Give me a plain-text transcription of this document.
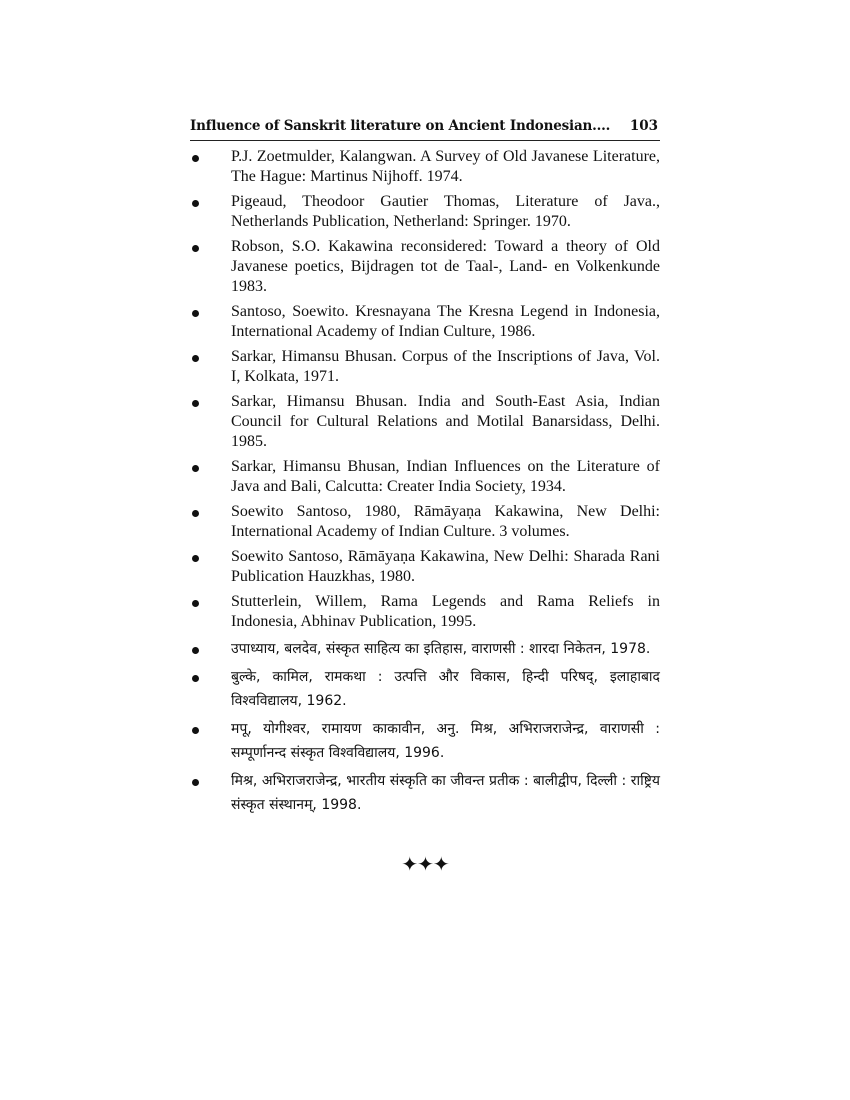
Influence of Sanskrit literature on Ancient Indonesian.... 103
P.J. Zoetmulder, Kalangwan. A Survey of Old Javanese Literature, The Hague: Martinus Nijhoff. 1974.
Pigeaud, Theodoor Gautier Thomas, Literature of Java., Netherlands Publication, Netherland: Springer. 1970.
Robson, S.O. Kakawina reconsidered: Toward a theory of Old Javanese poetics, Bijdragen tot de Taal-, Land- en Volkenkunde 1983.
Santoso, Soewito. Kresnayana The Kresna Legend in Indonesia, International Academy of Indian Culture, 1986.
Sarkar, Himansu Bhusan. Corpus of the Inscriptions of Java, Vol. I, Kolkata, 1971.
Sarkar, Himansu Bhusan. India and South-East Asia, Indian Council for Cultural Relations and Motilal Banarsidass, Delhi. 1985.
Sarkar, Himansu Bhusan, Indian Influences on the Literature of Java and Bali, Calcutta: Creater India Society, 1934.
Soewito Santoso, 1980, Rāmāyaṇa Kakawina, New Delhi: International Academy of Indian Culture. 3 volumes.
Soewito Santoso, Rāmāyaṇa Kakawina, New Delhi: Sharada Rani Publication Hauzkhas, 1980.
Stutterlein, Willem, Rama Legends and Rama Reliefs in Indonesia, Abhinav Publication, 1995.
उपाध्याय, बलदेव, संस्कृत साहित्य का इतिहास, वाराणसी : शारदा निकेतन, 1978.
बुल्के, कामिल, रामकथा : उत्पत्ति और विकास, हिन्दी परिषद्, इलाहाबाद विश्वविद्यालय, 1962.
मपू, योगीश्वर, रामायण काकावीन, अनु. मिश्र, अभिराजराजेन्द्र, वाराणसी : सम्पूर्णानन्द संस्कृत विश्वविद्यालय, 1996.
मिश्र, अभिराजराजेन्द्र, भारतीय संस्कृति का जीवन्त प्रतीक : बालीद्वीप, दिल्ली : राष्ट्रिय संस्कृत संस्थानम्, 1998.
✦✦✦
